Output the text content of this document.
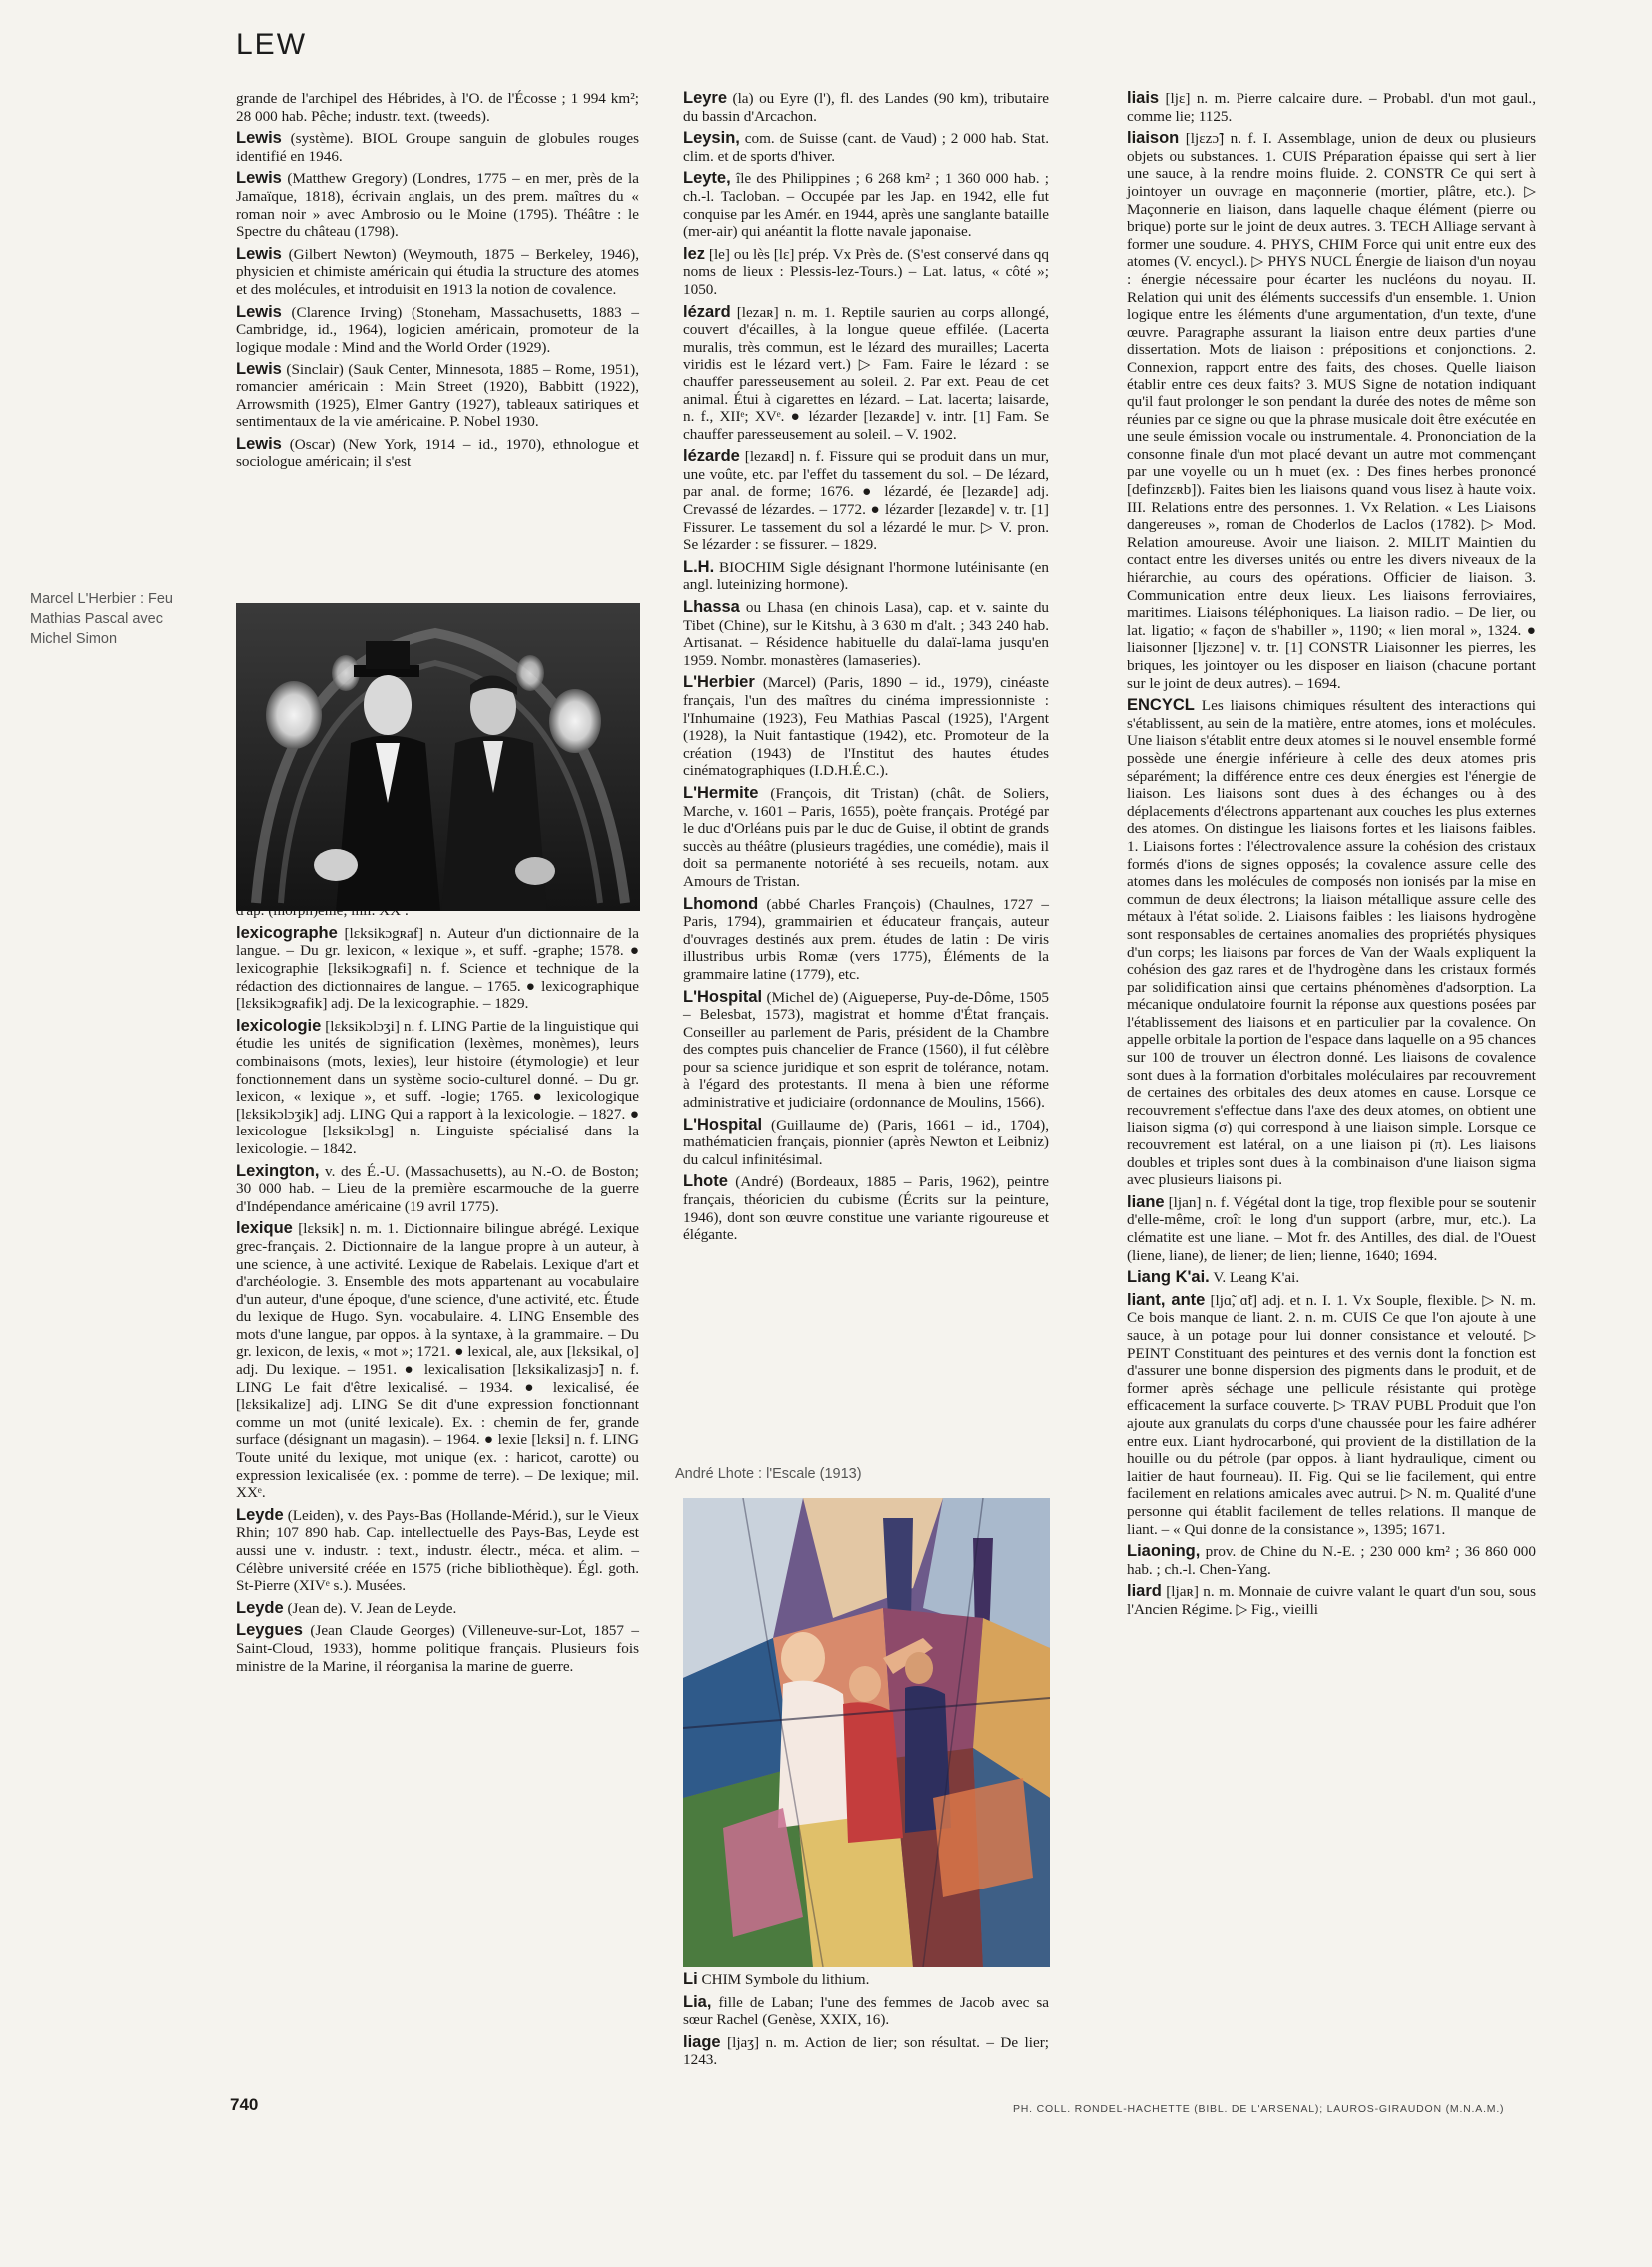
LEW
Marcel L'Herbier : Feu Mathias Pascal avec Michel Simon

grande de l'archipel des Hébrides, à l'O. de l'Écosse ; 1 994 km²; 28 000 hab. Pêche; industr. text. (tweeds).

Lewis (système). BIOL Groupe sanguin de globules rouges identifié en 1946.

Lewis (Matthew Gregory) (Londres, 1775 – en mer, près de la Jamaïque, 1818), écrivain anglais, un des prem. maîtres du « roman noir » avec Ambrosio ou le Moine (1795). Théâtre : le Spectre du château (1798).

Lewis (Gilbert Newton) (Weymouth, 1875 – Berkeley, 1946), physicien et chimiste américain qui étudia la structure des atomes et des molécules, et introduisit en 1913 la notion de covalence.

Lewis (Clarence Irving) (Stoneham, Massachusetts, 1883 – Cambridge, id., 1964), logicien américain, promoteur de la logique modale : Mind and the World Order (1929).

Lewis (Sinclair) (Sauk Center, Minnesota, 1885 – Rome, 1951), romancier américain : Main Street (1920), Babbitt (1922), Arrowsmith (1925), Elmer Gantry (1927), tableaux satiriques et sentimentaux de la vie américaine. P. Nobel 1930.

Lewis (Oscar) (New York, 1914 – id., 1970), ethnologue et sociologue américain; il s'est

lexicographe [lɛksikɔgʀaf] n. Auteur d'un dictionnaire de la langue. – Du gr. lexicon, « lexique », et suff. -graphe; 1578. ● lexicographie [lɛksikɔgʀafi] n. f. Science et technique de la rédaction des dictionnaires de langue. – 1765. ● lexicographique [lɛksikɔgʀafik] adj. De la lexicographie. – 1829.

lexicologie [lɛksikɔlɔʒi] n. f. LING Partie de la linguistique qui étudie les unités de signification (lexèmes, monèmes), leurs combinaisons (mots, lexies), leur histoire (étymologie) et leur fonctionnement dans un système socio-culturel donné. – Du gr. lexicon, « lexique », et suff. -logie; 1765. ● lexicologique [lɛksikɔlɔʒik] adj. LING Qui a rapport à la lexicologie. – 1827. ● lexicologue [lɛksikɔlɔg] n. Linguiste spécialisé dans la lexicologie. – 1842.

Lexington, v. des É.-U. (Massachusetts), au N.-O. de Boston; 30 000 hab. – Lieu de la première escarmouche de la guerre d'Indépendance américaine (19 avril 1775).

lexique [lɛksik] n. m. 1. Dictionnaire bilingue abrégé. Lexique grec-français. 2. Dictionnaire de la langue propre à un auteur, à une science, à une activité. Lexique de Rabelais. Lexique d'art et d'archéologie. 3. Ensemble des mots appartenant au vocabulaire d'un auteur, d'une époque, d'une science, d'une activité, etc. Étude du lexique de Hugo. Syn. vocabulaire. 4. LING Ensemble des mots d'une langue, par oppos. à la syntaxe, à la grammaire. – Du gr. lexicon, de lexis, « mot »; 1721. ● lexical, ale, aux [lɛksikal, o] adj. Du lexique. – 1951. ● lexicalisation [lɛksikalizasjɔ̃] n. f. LING Le fait d'être lexicalisé. – 1934. ● lexicalisé, ée [lɛksikalize] adj. LING Se dit d'une expression fonctionnant comme un mot (unité lexicale). Ex. : chemin de fer, grande surface (désignant un magasin). – 1964. ● lexie [lɛksi] n. f. LING Toute unité du lexique, mot unique (ex. : haricot, carotte) ou expression lexicalisée (ex. : pomme de terre). – De lexique; mil. XXᵉ.

Leyde (Leiden), v. des Pays-Bas (Hollande-Mérid.), sur le Vieux Rhin; 107 890 hab. Cap. intellectuelle des Pays-Bas, Leyde est aussi une v. industr. : text., industr. électr., méca. et alim. – Célèbre université créée en 1575 (riche bibliothèque). Égl. goth. St-Pierre (XIVᵉ s.). Musées.

Leyde (Jean de). V. Jean de Leyde.

Leygues (Jean Claude Georges) (Villeneuve-sur-Lot, 1857 – Saint-Cloud, 1933), homme politique français. Plusieurs fois ministre de la Marine, il réorganisa la marine de guerre.

Leyre (la) ou Eyre (l'), fl. des Landes (90 km), tributaire du bassin d'Arcachon.

Leysin, com. de Suisse (cant. de Vaud) ; 2 000 hab. Stat. clim. et de sports d'hiver.

Leyte, île des Philippines ; 6 268 km² ; 1 360 000 hab. ; ch.-l. Tacloban. – Occupée par les Jap. en 1942, elle fut conquise par les Amér. en 1944, après une sanglante bataille (mer-air) qui anéantit la flotte navale japonaise.

lez [le] ou lès [lɛ] prép. Vx Près de. (S'est conservé dans qq noms de lieux : Plessis-lez-Tours.) – Lat. latus, « côté »; 1050.

lézard [lezaʀ] n. m. 1. Reptile saurien au corps allongé, couvert d'écailles, à la longue queue effilée. (Lacerta muralis, très commun, est le lézard des murailles; Lacerta viridis est le lézard vert.) ▷ Fam. Faire le lézard : se chauffer paresseusement au soleil. 2. Par ext. Peau de cet animal. Étui à cigarettes en lézard. – Lat. lacerta; laisarde, n. f., XIIᵉ; XVᵉ. ● lézarder [lezaʀde] v. intr. [1] Fam. Se chauffer paresseusement au soleil. – V. 1902.

lézarde [lezaʀd] n. f. Fissure qui se produit dans un mur, une voûte, etc. par l'effet du tassement du sol. – De lézard, par anal. de forme; 1676. ● lézardé, ée [lezaʀde] adj. Crevassé de lézardes. – 1772. ● lézarder [lezaʀde] v. tr. [1] Fissurer. Le tassement du sol a lézardé le mur. ▷ V. pron. Se lézarder : se fissurer. – 1829.

L.H. BIOCHIM Sigle désignant l'hormone lutéinisante (en angl. luteinizing hormone).

Lhassa ou Lhasa (en chinois Lasa), cap. et v. sainte du Tibet (Chine), sur le Kitshu, à 3 630 m d'alt. ; 343 240 hab. Artisanat. – Résidence habituelle du dalaï-lama jusqu'en 1959. Nombr. monastères (lamaseries).

L'Herbier (Marcel) (Paris, 1890 – id., 1979), cinéaste français, l'un des maîtres du cinéma impressionniste : l'Inhumaine (1923), Feu Mathias Pascal (1925), l'Argent (1928), la Nuit fantastique (1942), etc. Promoteur de la création (1943) de l'Institut des hautes études cinématographiques (I.D.H.É.C.).

L'Hermite (François, dit Tristan) (chât. de Soliers, Marche, v. 1601 – Paris, 1655), poète français. Protégé par le duc d'Orléans puis par le duc de Guise, il obtint de grands succès au théâtre (plusieurs tragédies, une comédie), mais il doit sa permanente notoriété à ses recueils, notam. aux Amours de Tristan.

Lhomond (abbé Charles François) (Chaulnes, 1727 – Paris, 1794), grammairien et éducateur français, auteur d'ouvrages destinés aux prem. études de latin : De viris illustribus urbis Romæ (vers 1775), Éléments de la grammaire latine (1779), etc.

L'Hospital (Michel de) (Aigueperse, Puy-de-Dôme, 1505 – Belesbat, 1573), magistrat et homme d'État français. Conseiller au parlement de Paris, président de la Chambre des comptes puis chancelier de France (1560), il fut célèbre pour sa science juridique et son esprit de tolérance, notam. à l'égard des protestants. Il mena à bien une réforme administrative et judiciaire (ordonnance de Moulins, 1566).

L'Hospital (Guillaume de) (Paris, 1661 – id., 1704), mathématicien français, pionnier (après Newton et Leibniz) du calcul infinitésimal.

Lhote (André) (Bordeaux, 1885 – Paris, 1962), peintre français, théoricien du cubisme (Écrits sur la peinture, 1946), dont son œuvre constitue une variante rigoureuse et élégante.

André Lhote : l'Escale (1913)

Li CHIM Symbole du lithium.

Lia, fille de Laban; l'une des femmes de Jacob avec sa sœur Rachel (Genèse, XXIX, 16).

liage [ljaʒ] n. m. Action de lier; son résultat. – De lier; 1243.

liais [ljɛ] n. m. Pierre calcaire dure. – Probabl. d'un mot gaul., comme lie; 1125.

liaison [ljɛzɔ̃] n. f. I. Assemblage, union de deux ou plusieurs objets ou substances. 1. CUIS Préparation épaisse qui sert à lier une sauce, à la rendre moins fluide. 2. CONSTR Ce qui sert à jointoyer un ouvrage en maçonnerie (mortier, plâtre, etc.). ▷ Maçonnerie en liaison, dans laquelle chaque élément (pierre ou brique) porte sur le joint de deux autres. 3. TECH Alliage servant à former une soudure. 4. PHYS, CHIM Force qui unit entre eux des atomes (V. encycl.). ▷ PHYS NUCL Énergie de liaison d'un noyau : énergie nécessaire pour écarter les nucléons du noyau. II. Relation qui unit des éléments successifs d'un ensemble. 1. Union logique entre les éléments d'une argumentation, d'un texte, d'une œuvre. Paragraphe assurant la liaison entre deux parties d'une dissertation. Mots de liaison : prépositions et conjonctions. 2. Connexion, rapport entre des faits, des choses. Quelle liaison établir entre ces deux faits? 3. MUS Signe de notation indiquant qu'il faut prolonger le son pendant la durée des notes de même son réunies par ce signe ou que la phrase musicale doit être exécutée en une seule émission vocale ou instrumentale. 4. Prononciation de la consonne finale d'un mot placé devant un autre mot commençant par une voyelle ou un h muet (ex. : Des fines herbes prononcé [definzɛʀb]). Faites bien les liaisons quand vous lisez à haute voix. III. Relations entre des personnes. 1. Vx Relation. « Les Liaisons dangereuses », roman de Choderlos de Laclos (1782). ▷ Mod. Relation amoureuse. Avoir une liaison. 2. MILIT Maintien du contact entre les diverses unités ou entre les divers niveaux de la hiérarchie, au cours des opérations. Officier de liaison. 3. Communication entre deux lieux. Les liaisons ferroviaires, maritimes. Liaisons téléphoniques. La liaison radio. – De lier, ou lat. ligatio; « façon de s'habiller », 1190; « lien moral », 1324. ● liaisonner [ljɛzɔne] v. tr. [1] CONSTR Liaisonner les pierres, les briques, les jointoyer ou les disposer en liaison (chacune portant sur le joint de deux autres). – 1694.

ENCYCL Les liaisons chimiques résultent des interactions qui s'établissent, au sein de la matière, entre atomes, ions et molécules. Une liaison s'établit entre deux atomes si le nouvel ensemble formé possède une énergie inférieure à celle des deux atomes pris séparément; la différence entre ces deux énergies est l'énergie de liaison. Les liaisons sont dues à des échanges ou à des déplacements d'électrons appartenant aux couches les plus externes des atomes. On distingue les liaisons fortes et les liaisons faibles. 1. Liaisons fortes : l'électrovalence assure la cohésion des cristaux formés d'ions de signes opposés; la covalence assure celle des atomes dans les molécules de composés non ionisés par la mise en commun de deux électrons; la liaison métallique assure celle des métaux à l'état solide. 2. Liaisons faibles : les liaisons hydrogène sont responsables de certaines anomalies des propriétés physiques d'un corps; les liaisons par forces de Van der Waals expliquent la cohésion des gaz rares et de l'hydrogène dans les cristaux formés par solidification ainsi que certains phénomènes d'adsorption. La mécanique ondulatoire fournit la réponse aux questions posées par l'établissement des liaisons et en particulier par la covalence. On appelle orbitale la portion de l'espace dans laquelle on a 95 chances sur 100 de trouver un électron donné. Les liaisons de covalence sont dues à la formation d'orbitales moléculaires par recouvrement de certaines des orbitales des deux atomes en cause. Lorsque ce recouvrement s'effectue dans l'axe des deux atomes, on obtient une liaison sigma (σ) qui correspond à une liaison simple. Lorsque ce recouvrement est latéral, on a une liaison pi (π). Les liaisons doubles et triples sont dues à la combinaison d'une liaison sigma avec plusieurs liaisons pi.

liane [ljan] n. f. Végétal dont la tige, trop flexible pour se soutenir d'elle-même, croît le long d'un support (arbre, mur, etc.). La clématite est une liane. – Mot fr. des Antilles, des dial. de l'Ouest (liene, liane), de liener; de lien; lienne, 1640; 1694.

Liang K'ai. V. Leang K'ai.

liant, ante [ljɑ̃, ɑ̃t] adj. et n. I. 1. Vx Souple, flexible. ▷ N. m. Ce bois manque de liant. 2. n. m. CUIS Ce que l'on ajoute à une sauce, à un potage pour lui donner consistance et velouté. ▷ PEINT Constituant des peintures et des vernis dont la fonction est d'assurer une bonne dispersion des pigments dans le produit, et de former après séchage une pellicule résistante qui protège efficacement la surface couverte. ▷ TRAV PUBL Produit que l'on ajoute aux granulats du corps d'une chaussée pour les faire adhérer entre eux. Liant hydrocarboné, qui provient de la distillation de la houille ou du pétrole (par oppos. à liant hydraulique, ciment ou laitier de haut fourneau). II. Fig. Qui se lie facilement, qui entre facilement en relations amicales avec autrui. ▷ N. m. Qualité d'une personne qui établit facilement de telles relations. Il manque de liant. – « Qui donne de la consistance », 1395; 1671.

Liaoning, prov. de Chine du N.-E. ; 230 000 km² ; 36 860 000 hab. ; ch.-l. Chen-Yang.

liard [ljaʀ] n. m. Monnaie de cuivre valant le quart d'un sou, sous l'Ancien Régime. ▷ Fig., vieilli

740	PH. COLL. RONDEL-HACHETTE (BIBL. DE L'ARSENAL); LAUROS-GIRAUDON (M.N.A.M.)
